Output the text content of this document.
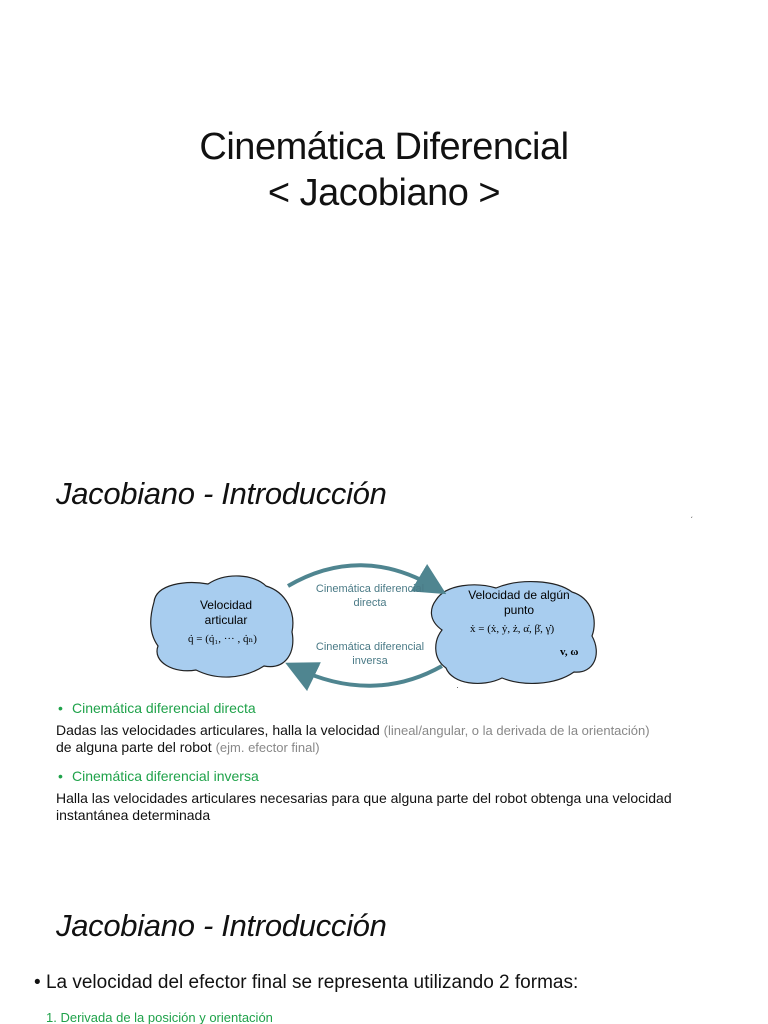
Cinemática Diferencial
< Jacobiano >
Jacobiano - Introducción
ˏ
Velocidad
articular
q̇ = (q̇₁, ··· , q̇ₙ)
Velocidad de algún
punto
ẋ = (ẋ, ẏ, ż, α̇, β̇, γ̇)
v, ω
Cinemática diferencial
directa
Cinemática diferencial
inversa
·
• Cinemática diferencial directa
Dadas las velocidades articulares, halla la velocidad (lineal/angular, o la derivada de la orientación)
de alguna parte del robot (ejm. efector final)
• Cinemática diferencial inversa
Halla las velocidades articulares necesarias para que alguna parte del robot obtenga una velocidad instantánea determinada
Jacobiano - Introducción
• La velocidad del efector final se representa utilizando 2 formas:
1. Derivada de la posición y orientación
